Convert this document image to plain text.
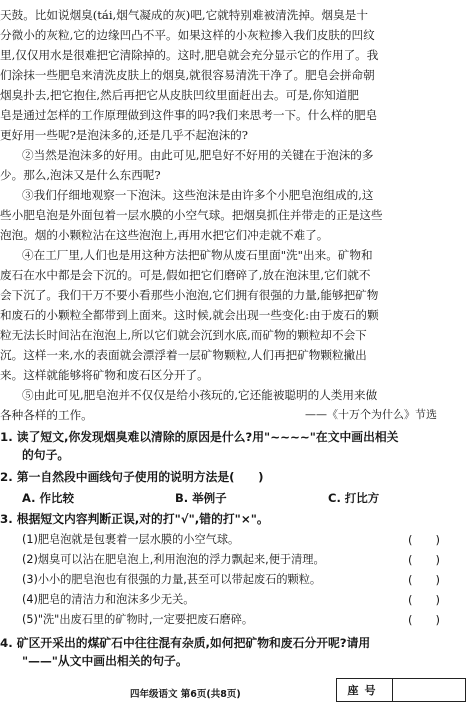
天鼓。比如说烟臭(tái,烟气凝成的灰)吧,它就特别难被清洗掉。烟臭是十
分微小的灰粒,它的边缘凹凸不平。如果这样的小灰粒掺入我们皮肤的凹纹
里,仅仅用水是很难把它清除掉的。这时,肥皂就会充分显示它的作用了。我
们涂抹一些肥皂来清洗皮肤上的烟臭,就很容易清洗干净了。肥皂会拼命朝
烟臭扑去,把它抱住,然后再把它从皮肤凹纹里面赶出去。可是,你知道肥
皂是通过怎样的工作原理做到这件事的吗?我们来思考一下。什么样的肥皂
更好用一些呢?是泡沫多的,还是几乎不起泡沫的?
②当然是泡沫多的好用。由此可见,肥皂好不好用的关键在于泡沫的多
少。那么,泡沫又是什么东西呢?
③我们仔细地观察一下泡沫。这些泡沫是由许多个小肥皂泡组成的,这
些小肥皂泡是外面包着一层水膜的小空气球。把烟臭抓住并带走的正是这些
泡泡。烟的小颗粒沾在这些泡泡上,再用水把它们冲走就不难了。
④在工厂里,人们也是用这种方法把矿物从废石里面"洗"出来。矿物和
废石在水中都是会下沉的。可是,假如把它们磨碎了,放在泡沫里,它们就不
会下沉了。我们干万不要小看那些小泡泡,它们拥有很强的力量,能够把矿物
和废石的小颗粒全都带到上面来。这时候,就会出现一些变化:由于废石的颗
粒无法长时间沾在泡泡上,所以它们就会沉到水底,而矿物的颗粒却不会下
沉。这样一来,水的表面就会漂浮着一层矿物颗粒,人们再把矿物颗粒撇出
来。这样就能够将矿物和废石区分开了。
⑤由此可见,肥皂泡并不仅仅是给小孩玩的,它还能被聪明的人类用来做
各种各样的工作。	——《十万个为什么》节选
1. 读了短文,你发现烟臭难以清除的原因是什么?用"~~~~"在文中画出相关
的句子。
2. 第一自然段中画线句子使用的说明方法是(　　)
A. 作比较	B. 举例子	C. 打比方
3. 根据短文内容判断正误,对的打"√",错的打"×"。
(1)肥皂泡就是包裹着一层水膜的小空气球。	(　　)
(2)烟臭可以沾在肥皂泡上,利用泡泡的浮力飘起来,便于清理。	(　　)
(3)小小的肥皂泡也有很强的力量,甚至可以带起废石的颗粒。	(　　)
(4)肥皂的清洁力和泡沫多少无关。	(　　)
(5)"洗"出废石里的矿物时,一定要把废石磨碎。	(　　)
4. 矿区开采出的煤矿石中往往混有杂质,如何把矿物和废石分开呢?请用
"——"从文中画出相关的句子。
四年级语文 第6页(共8页)	座号
